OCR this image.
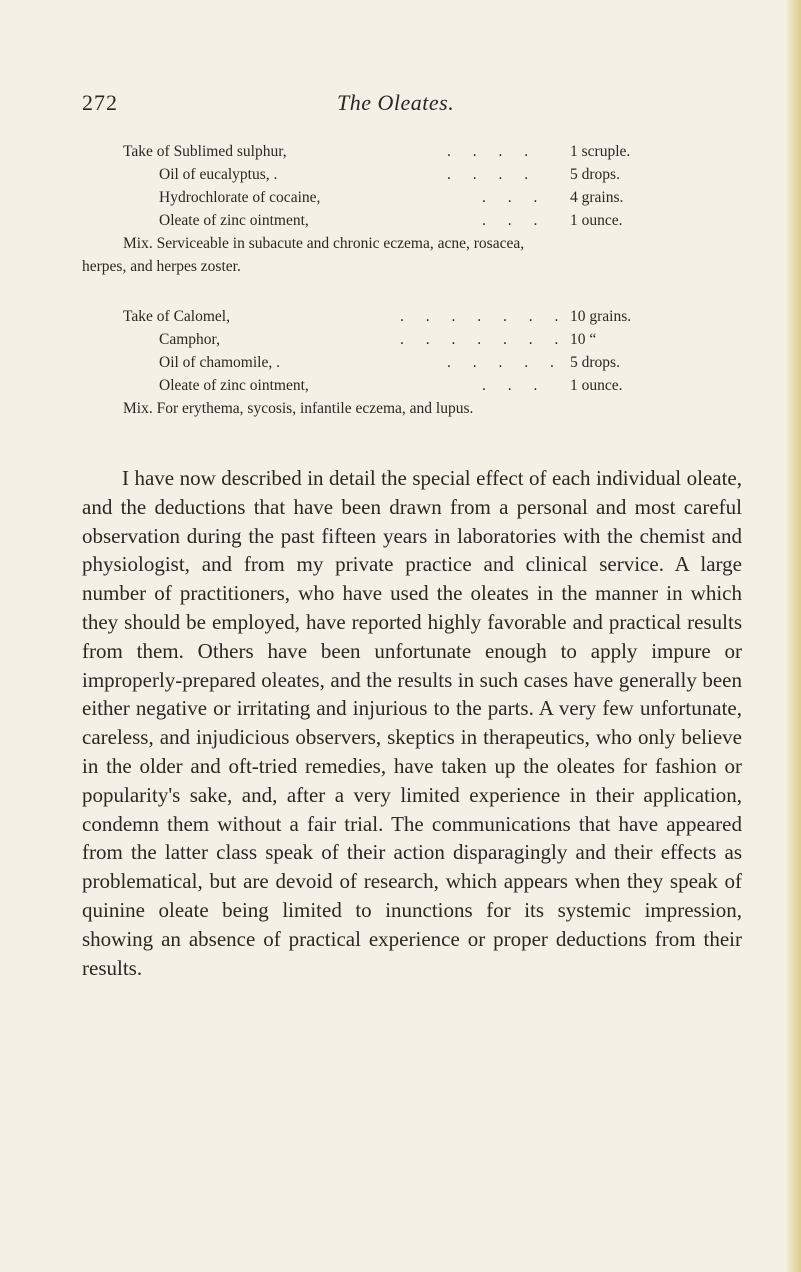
272	The Oleates.
Take of Sublimed sulphur,	. . . . 1 scruple.
Oil of eucalyptus, .	. . . . 5 drops.
Hydrochlorate of cocaine,	. . . 4 grains.
Oleate of zinc ointment,	. . . 1 ounce.
Mix. Serviceable in subacute and chronic eczema, acne, rosacea,
herpes, and herpes zoster.
Take of Calomel,	. . . . . . . 10 grains.
Camphor,	. . . . . . . 10 “
Oil of chamomile, .	. . . . . 5 drops.
Oleate of zinc ointment,	. . . 1 ounce.
Mix. For erythema, sycosis, infantile eczema, and lupus.
I have now described in detail the special effect of each individual oleate, and the deductions that have been drawn from a personal and most careful observation during the past fifteen years in laboratories with the chemist and physiologist, and from my private practice and clinical service. A large number of practitioners, who have used the oleates in the manner in which they should be employed, have reported highly favorable and practical results from them. Others have been unfortunate enough to apply impure or improperly-prepared oleates, and the results in such cases have generally been either negative or irritating and injurious to the parts. A very few unfortunate, careless, and injudicious observers, skeptics in therapeutics, who only believe in the older and oft-tried remedies, have taken up the oleates for fashion or popularity's sake, and, after a very limited experience in their application, condemn them without a fair trial. The communications that have appeared from the latter class speak of their action disparagingly and their effects as problematical, but are devoid of research, which appears when they speak of quinine oleate being limited to inunctions for its systemic impression, showing an absence of practical experience or proper deductions from their results.
